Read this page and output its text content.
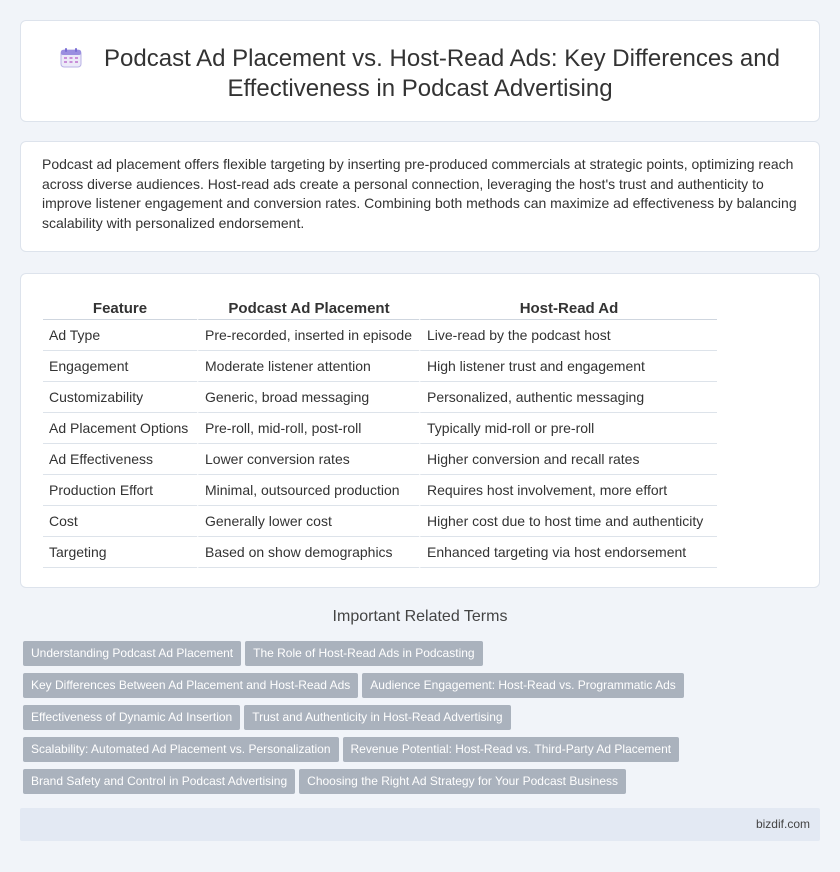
Podcast Ad Placement vs. Host-Read Ads: Key Differences and
Effectiveness in Podcast Advertising

Podcast ad placement offers flexible targeting by inserting pre-produced commercials at strategic points, optimizing reach across diverse audiences. Host-read ads create a personal connection, leveraging the host's trust and authenticity to improve listener engagement and conversion rates. Combining both methods can maximize ad effectiveness by balancing scalability with personalized endorsement.

Feature	Podcast Ad Placement	Host-Read Ad
Ad Type	Pre-recorded, inserted in episode	Live-read by the podcast host
Engagement	Moderate listener attention	High listener trust and engagement
Customizability	Generic, broad messaging	Personalized, authentic messaging
Ad Placement Options	Pre-roll, mid-roll, post-roll	Typically mid-roll or pre-roll
Ad Effectiveness	Lower conversion rates	Higher conversion and recall rates
Production Effort	Minimal, outsourced production	Requires host involvement, more effort
Cost	Generally lower cost	Higher cost due to host time and authenticity
Targeting	Based on show demographics	Enhanced targeting via host endorsement
Important Related Terms
Understanding Podcast Ad Placement The Role of Host-Read Ads in Podcasting
Key Differences Between Ad Placement and Host-Read Ads Audience Engagement: Host-Read vs. Programmatic Ads
Effectiveness of Dynamic Ad Insertion Trust and Authenticity in Host-Read Advertising
Scalability: Automated Ad Placement vs. Personalization Revenue Potential: Host-Read vs. Third-Party Ad Placement
Brand Safety and Control in Podcast Advertising Choosing the Right Ad Strategy for Your Podcast Business
bizdif.com
